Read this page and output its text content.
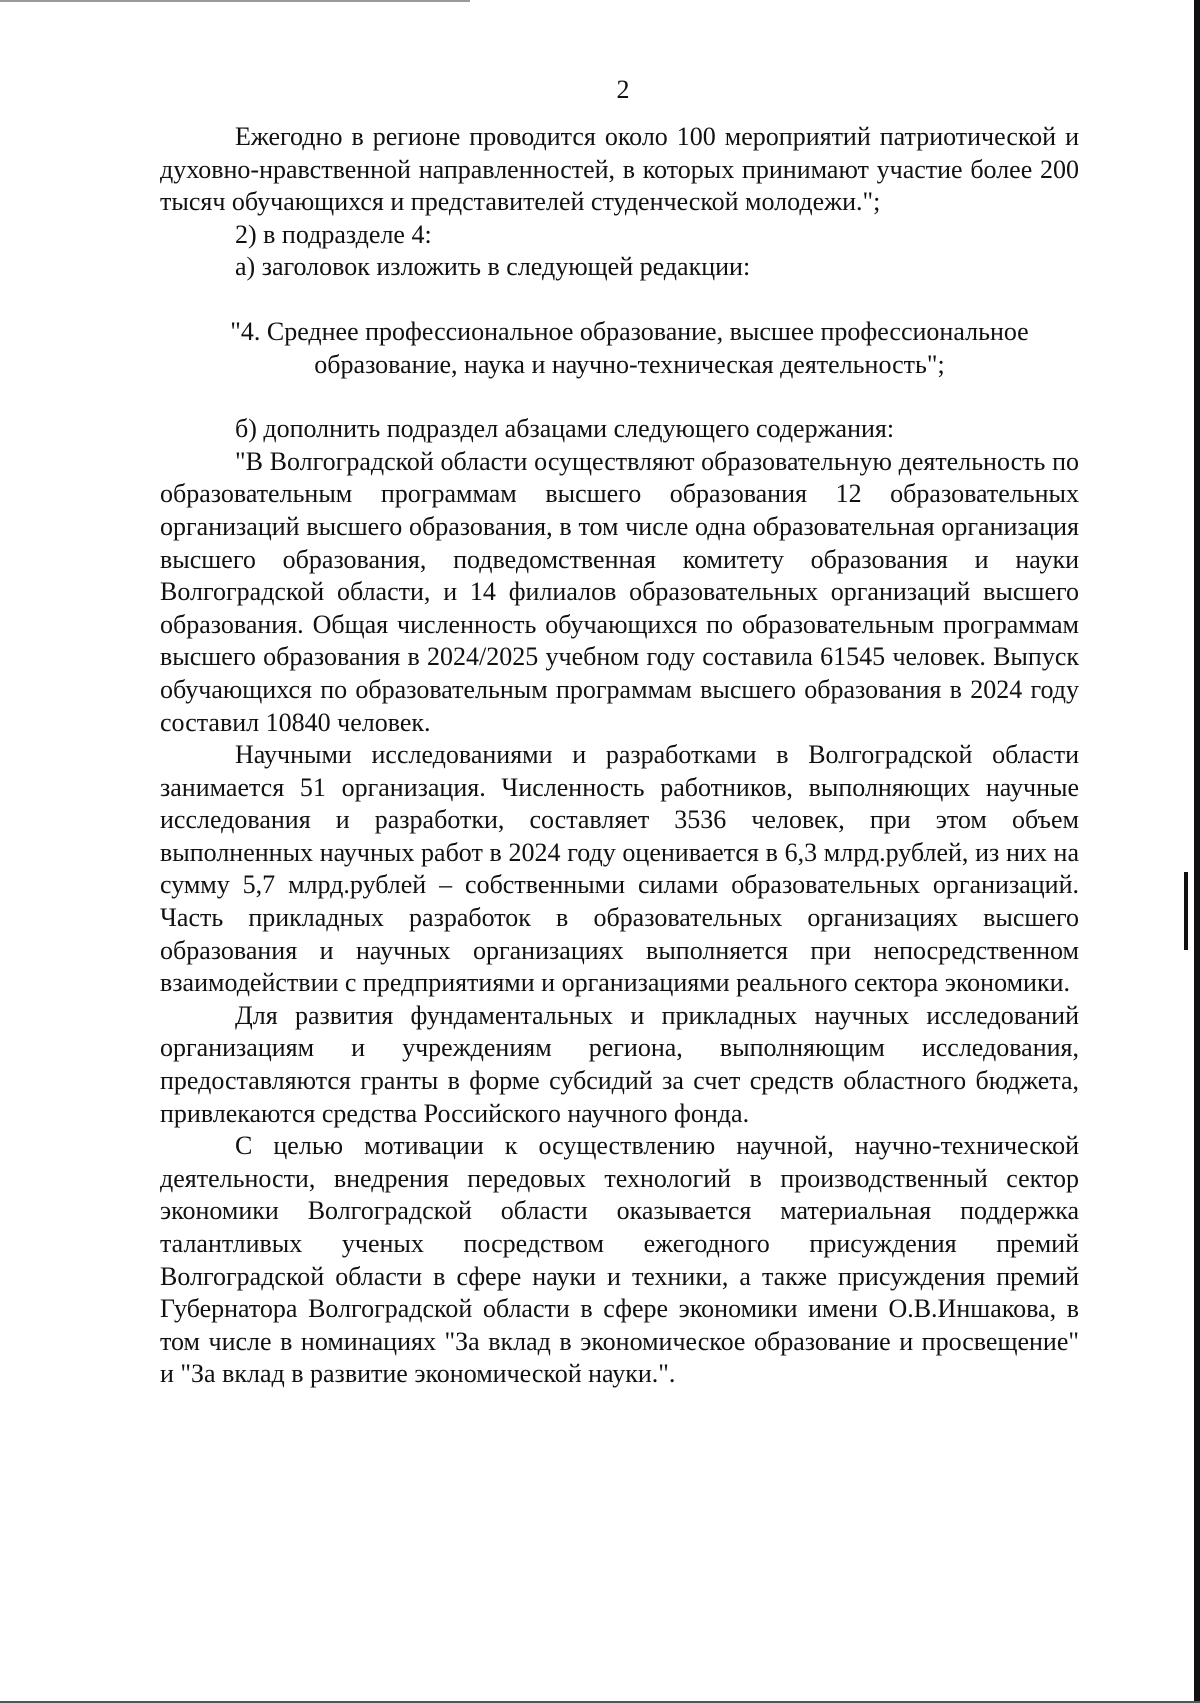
2

Ежегодно в регионе проводится около 100 мероприятий патриотической и духовно-нравственной направленностей, в которых принимают участие более 200 тысяч обучающихся и представителей студенческой молодежи.";

2) в подразделе 4:

а) заголовок изложить в следующей редакции:

"4. Среднее профессиональное образование, высшее профессиональное образование, наука и научно-техническая деятельность";

б) дополнить подраздел абзацами следующего содержания:

"В Волгоградской области осуществляют образовательную деятельность по образовательным программам высшего образования 12 образовательных организаций высшего образования, в том числе одна образовательная организация высшего образования, подведомственная комитету образования и науки Волгоградской области, и 14 филиалов образовательных организаций высшего образования. Общая численность обучающихся по образовательным программам высшего образования в 2024/2025 учебном году составила 61545 человек. Выпуск обучающихся по образовательным программам высшего образования в 2024 году составил 10840 человек.

Научными исследованиями и разработками в Волгоградской области занимается 51 организация. Численность работников, выполняющих научные исследования и разработки, составляет 3536 человек, при этом объем выполненных научных работ в 2024 году оценивается в 6,3 млрд.рублей, из них на сумму 5,7 млрд.рублей – собственными силами образовательных организаций. Часть прикладных разработок в образовательных организациях высшего образования и научных организациях выполняется при непосредственном взаимодействии с предприятиями и организациями реального сектора экономики.

Для развития фундаментальных и прикладных научных исследований организациям и учреждениям региона, выполняющим исследования, предоставляются гранты в форме субсидий за счет средств областного бюджета, привлекаются средства Российского научного фонда.

С целью мотивации к осуществлению научной, научно-технической деятельности, внедрения передовых технологий в производственный сектор экономики Волгоградской области оказывается материальная поддержка талантливых ученых посредством ежегодного присуждения премий Волгоградской области в сфере науки и техники, а также присуждения премий Губернатора Волгоградской области в сфере экономики имени О.В.Иншакова, в том числе в номинациях "За вклад в экономическое образование и просвещение" и "За вклад в развитие экономической науки.".
